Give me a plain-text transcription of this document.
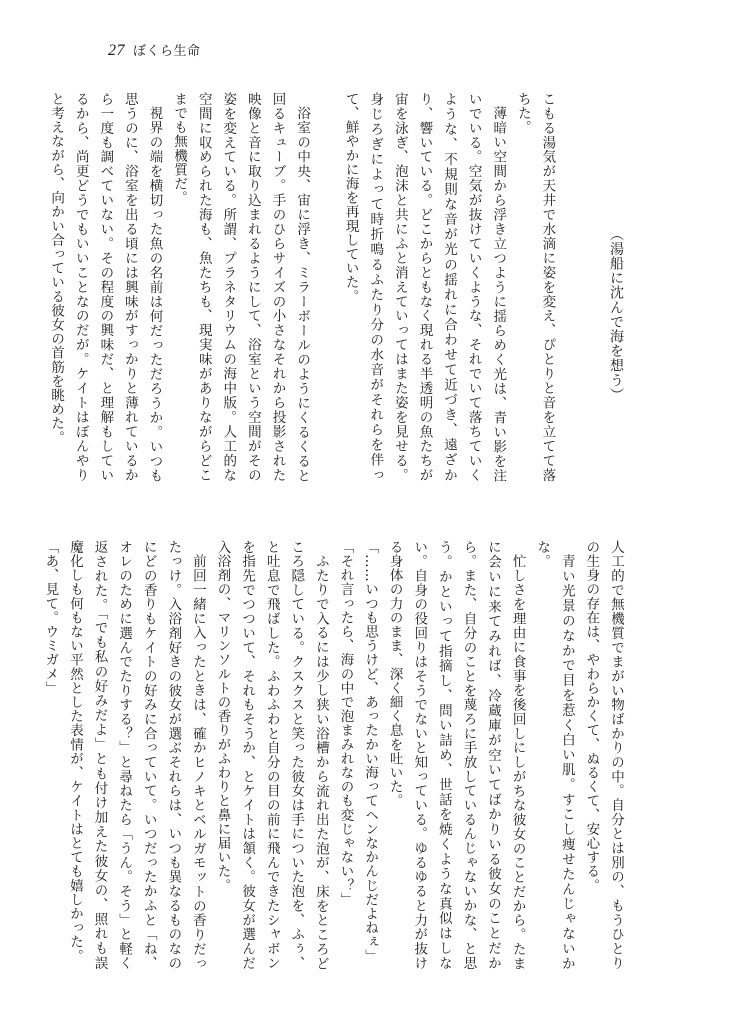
27 ぼくら生命
（湯船に沈んで海を想う）

こもる湯気が天井で水滴に姿を変え、ぴとりと音を立てて落ちた。

薄暗い空間から浮き立つように揺らめく光は、青い影を注いでいる。空気が抜けていくような、それでいて落ちていくような、不規則な音が光の揺れに合わせて近づき、遠ざかり、響いている。どこからともなく現れる半透明の魚たちが宙を泳ぎ、泡沫と共にふと消えていってはまた姿を見せる。身じろぎによって時折鳴るふたり分の水音がそれらを伴って、鮮やかに海を再現していた。

浴室の中央、宙に浮き、ミラーボールのようにくるくると回るキューブ。手のひらサイズの小さなそれから投影された映像と音に取り込まれるようにして、浴室という空間がその姿を変えている。所謂、プラネタリウムの海中版。人工的な空間に収められた海も、魚たちも、現実味がありながらどこまでも無機質だ。

視界の端を横切った魚の名前は何だっただろうか。いつも思うのに、浴室を出る頃には興味がすっかりと薄れているから一度も調べていない。その程度の興味だ、と理解もしているから、尚更どうでもいいことなのだが。ケイトはぼんやりと考えながら、向かい合っている彼女の首筋を眺めた。

人工的で無機質でまがい物ばかりの中。自分とは別の、もうひとりの生身の存在は、やわらかくて、ぬるくて、安心する。

青い光景のなかで目を惹く白い肌。すこし痩せたんじゃないかな。

忙しさを理由に食事を後回しにしがちな彼女のことだから。たまに会いに来てみれば、冷蔵庫が空いてばかりいる彼女のことだから。また、自分のことを蔑ろに手放しているんじゃないかな、と思う。かといって指摘し、問い詰め、世話を焼くような真似はしない。自身の役回りはそうでないと知っている。ゆるゆると力が抜ける身体の力のまま、深く細く息を吐いた。

「……いつも思うけど、あったかい海ってヘンなかんじだよねぇ」

「それ言ったら、海の中で泡まみれなのも変じゃない？」

ふたりで入るには少し狭い浴槽から流れ出た泡が、床をところどころ隠している。クスクスと笑った彼女は手についた泡を、ふぅ、と吐息で飛ばした。ふわふわと自分の目の前に飛んできたシャボンを指先でつついて、それもそうか、とケイトは頷く。彼女が選んだ入浴剤の、マリンソルトの香りがふわりと鼻に届いた。

前回一緒に入ったときは、確かヒノキとベルガモットの香りだったっけ。入浴剤好きの彼女が選ぶそれらは、いつも異なるものなのにどの香りもケイトの好みに合っていて。いつだったかふと「ね、オレのために選んでたりする？」と尋ねたら「うん。そう」と軽く返された。「でも私の好みだよ」とも付け加えた彼女の、照れも誤魔化しも何もない平然とした表情が、ケイトはとても嬉しかった。

「あ、見て。ウミガメ」
